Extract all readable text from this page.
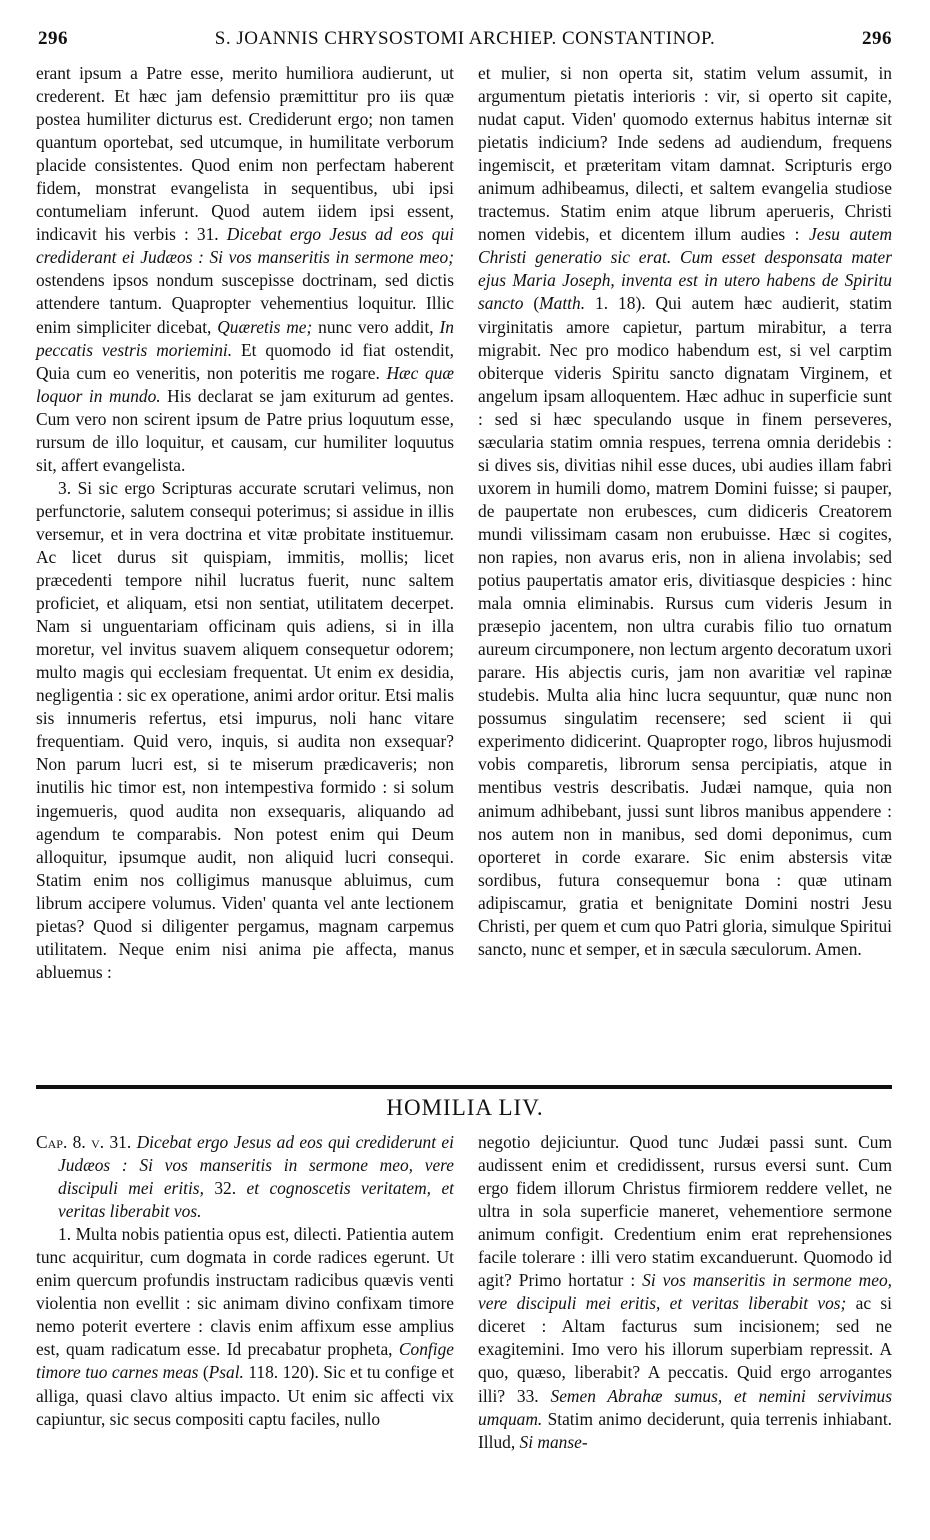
296	S. JOANNIS CHRYSOSTOMI ARCHIEP. CONSTANTINOP.	296

erant ipsum a Patre esse, merito humiliora audierunt, ut crederent. Et hæc jam defensio præmittitur pro iis quæ postea humiliter dicturus est. Crediderunt ergo; non tamen quantum oportebat, sed utcumque, in humilitate verborum placide consistentes. Quod enim non perfectam haberent fidem, monstrat evangelista in sequentibus, ubi ipsi contumeliam inferunt. Quod autem iidem ipsi essent, indicavit his verbis : 31. Dicebat ergo Jesus ad eos qui crediderant ei Judæos : Si vos manseritis in sermone meo; ostendens ipsos nondum suscepisse doctrinam, sed dictis attendere tantum. Quapropter vehementius loquitur. Illic enim simpliciter dicebat, Quæretis me; nunc vero addit, In peccatis vestris moriemini. Et quomodo id fiat ostendit, Quia cum eo veneritis, non poteritis me rogare. Hæc quæ loquor in mundo. His declarat se jam exiturum ad gentes. Cum vero non scirent ipsum de Patre prius loquutum esse, rursum de illo loquitur, et causam, cur humiliter loquutus sit, affert evangelista.

3. Si sic ergo Scripturas accurate scrutari velimus, non perfunctorie, salutem consequi poterimus; si assidue in illis versemur, et in vera doctrina et vitæ probitate instituemur. Ac licet durus sit quispiam, immitis, mollis; licet præcedenti tempore nihil lucratus fuerit, nunc saltem proficiet, et aliquam, etsi non sentiat, utilitatem decerpet. Nam si unguentariam officinam quis adiens, si in illa moretur, vel invitus suavem aliquem consequetur odorem; multo magis qui ecclesiam frequentat. Ut enim ex desidia, negligentia : sic ex operatione, animi ardor oritur. Etsi malis sis innumeris refertus, etsi impurus, noli hanc vitare frequentiam. Quid vero, inquis, si audita non exsequar? Non parum lucri est, si te miserum prædicaveris; non inutilis hic timor est, non intempestiva formido : si solum ingemueris, quod audita non exsequaris, aliquando ad agendum te comparabis. Non potest enim qui Deum alloquitur, ipsumque audit, non aliquid lucri consequi. Statim enim nos colligimus manusque abluimus, cum librum accipere volumus. Viden' quanta vel ante lectionem pietas? Quod si diligenter pergamus, magnam carpemus utilitatem. Neque enim nisi anima pie affecta, manus abluemus :

et mulier, si non operta sit, statim velum assumit, in argumentum pietatis interioris : vir, si operto sit capite, nudat caput. Viden' quomodo externus habitus internæ sit pietatis indicium? Inde sedens ad audiendum, frequens ingemiscit, et præteritam vitam damnat. Scripturis ergo animum adhibeamus, dilecti, et saltem evangelia studiose tractemus. Statim enim atque librum aperueris, Christi nomen videbis, et dicentem illum audies : Jesu autem Christi generatio sic erat. Cum esset desponsata mater ejus Maria Joseph, inventa est in utero habens de Spiritu sancto (Matth. 1. 18). Qui autem hæc audierit, statim virginitatis amore capietur, partum mirabitur, a terra migrabit. Nec pro modico habendum est, si vel carptim obiterque videris Spiritu sancto dignatam Virginem, et angelum ipsam alloquentem. Hæc adhuc in superficie sunt : sed si hæc speculando usque in finem perseveres, sæcularia statim omnia respues, terrena omnia deridebis : si dives sis, divitias nihil esse duces, ubi audies illam fabri uxorem in humili domo, matrem Domini fuisse; si pauper, de paupertate non erubesces, cum didiceris Creatorem mundi vilissimam casam non erubuisse. Hæc si cogites, non rapies, non avarus eris, non in aliena involabis; sed potius paupertatis amator eris, divitiasque despicies : hinc mala omnia eliminabis. Rursus cum videris Jesum in præsepio jacentem, non ultra curabis filio tuo ornatum aureum circumponere, non lectum argento decoratum uxori parare. His abjectis curis, jam non avaritiæ vel rapinæ studebis. Multa alia hinc lucra sequuntur, quæ nunc non possumus singulatim recensere; sed scient ii qui experimento didicerint. Quapropter rogo, libros hujusmodi vobis comparetis, librorum sensa percipiatis, atque in mentibus vestris describatis. Judæi namque, quia non animum adhibebant, jussi sunt libros manibus appendere : nos autem non in manibus, sed domi deponimus, cum oporteret in corde exarare. Sic enim abstersis vitæ sordibus, futura consequemur bona : quæ utinam adipiscamur, gratia et benignitate Domini nostri Jesu Christi, per quem et cum quo Patri gloria, simulque Spiritui sancto, nunc et semper, et in sæcula sæculorum. Amen.

HOMILIA LIV.

Cap. 8. v. 31. Dicebat ergo Jesus ad eos qui crediderunt ei Judæos : Si vos manseritis in sermone meo, vere discipuli mei eritis, 32. et cognoscetis veritatem, et veritas liberabit vos.

1. Multa nobis patientia opus est, dilecti. Patientia autem tunc acquiritur, cum dogmata in corde radices egerunt. Ut enim quercum profundis instructam radicibus quævis venti violentia non evellit : sic animam divino confixam timore nemo poterit evertere : clavis enim affixum esse amplius est, quam radicatum esse. Id precabatur propheta, Confige timore tuo carnes meas (Psal. 118. 120). Sic et tu confige et alliga, quasi clavo altius impacto. Ut enim sic affecti vix capiuntur, sic secus compositi captu faciles, nullo

negotio dejiciuntur. Quod tunc Judæi passi sunt. Cum audissent enim et credidissent, rursus eversi sunt. Cum ergo fidem illorum Christus firmiorem reddere vellet, ne ultra in sola superficie maneret, vehementiore sermone animum configit. Credentium enim erat reprehensiones facile tolerare : illi vero statim excanduerunt. Quomodo id agit? Primo hortatur : Si vos manseritis in sermone meo, vere discipuli mei eritis, et veritas liberabit vos; ac si diceret : Altam facturus sum incisionem; sed ne exagitemini. Imo vero his illorum superbiam repressit. A quo, quæso, liberabit? A peccatis. Quid ergo arrogantes illi? 33. Semen Abrahæ sumus, et nemini servivimus umquam. Statim animo deciderunt, quia terrenis inhiabant. Illud, Si manse-
